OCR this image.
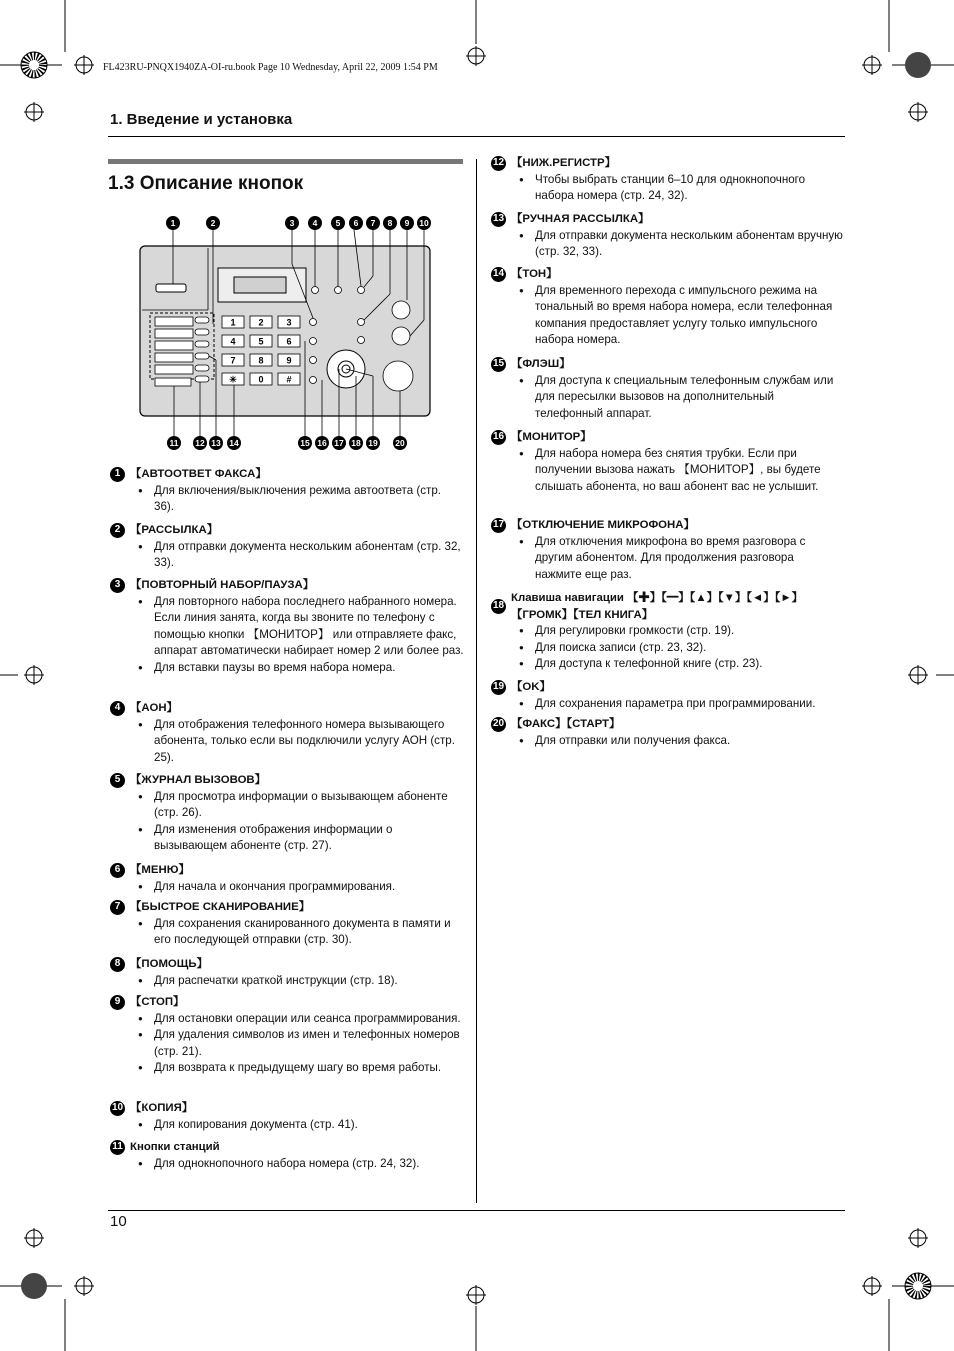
FL423RU-PNQX1940ZA-OI-ru.book Page 10 Wednesday, April 22, 2009 1:54 PM
1. Введение и установка
1.3 Описание кнопок
1	2	3
4	5	6
7	8	9
✳ 0	#
1	2	3	4	5	6	7	8	9	10
11 12 13 14	15 16 17 18 19 20
1 【АВТООТВЕТ ФАКСА】
● Для включения/выключения режима автоответа (стр. 36).
2 【РАССЫЛКА】
● Для отправки документа нескольким абонентам (стр. 32, 33).
3 【ПОВТОРНЫЙ НАБОР/ПАУЗА】
● Для повторного набора последнего набранного номера. Если линия занята, когда вы звоните по телефону с помощью кнопки 【МОНИТОР】 или отправляете факс, аппарат автоматически набирает номер 2 или более раз.
● Для вставки паузы во время набора номера.
4 【АОН】
● Для отображения телефонного номера вызывающего абонента, только если вы подключили услугу АОН (стр. 25).
5 【ЖУРНАЛ ВЫЗОВОВ】
● Для просмотра информации о вызывающем абоненте (стр. 26).
● Для изменения отображения информации о вызывающем абоненте (стр. 27).
6 【МЕНЮ】
● Для начала и окончания программирования.
7 【БЫСТРОЕ СКАНИРОВАНИЕ】
● Для сохранения сканированного документа в памяти и его последующей отправки (стр. 30).
8 【ПОМОЩЬ】
● Для распечатки краткой инструкции (стр. 18).
9 【СТОП】
● Для остановки операции или сеанса программирования.
● Для удаления символов из имен и телефонных номеров (стр. 21).
● Для возврата к предыдущему шагу во время работы.
10 【КОПИЯ】
● Для копирования документа (стр. 41).
11 Кнопки станций
● Для однокнопочного набора номера (стр. 24, 32).
12 【НИЖ.РЕГИСТР】
● Чтобы выбрать станции 6–10 для однокнопочного набора номера (стр. 24, 32).
13 【РУЧНАЯ РАССЫЛКА】
● Для отправки документа нескольким абонентам вручную (стр. 32, 33).
14 【ТОН】
● Для временного перехода с импульсного режима на тональный во время набора номера, если телефонная компания предоставляет услугу только импульсного набора номера.
15 【ФЛЭШ】
● Для доступа к специальным телефонным службам или для пересылки вызовов на дополнительный телефонный аппарат.
16 【МОНИТОР】
● Для набора номера без снятия трубки. Если при получении вызова нажать 【МОНИТОР】, вы будете слышать абонента, но ваш абонент вас не услышит.
17 【ОТКЛЮЧЕНИЕ МИКРОФОНА】
● Для отключения микрофона во время разговора с другим абонентом. Для продолжения разговора нажмите еще раз.
18
Клавиша навигации 【✚】【━】【▲】【▼】【◄】【►】【ГРОМК】【ТЕЛ КНИГА】
● Для регулировки громкости (стр. 19).
● Для поиска записи (стр. 23, 32).
● Для доступа к телефонной книге (стр. 23).
19 【OK】
● Для сохранения параметра при программировании.
20 【ФАКС】【СТАРТ】
● Для отправки или получения факса.
10
